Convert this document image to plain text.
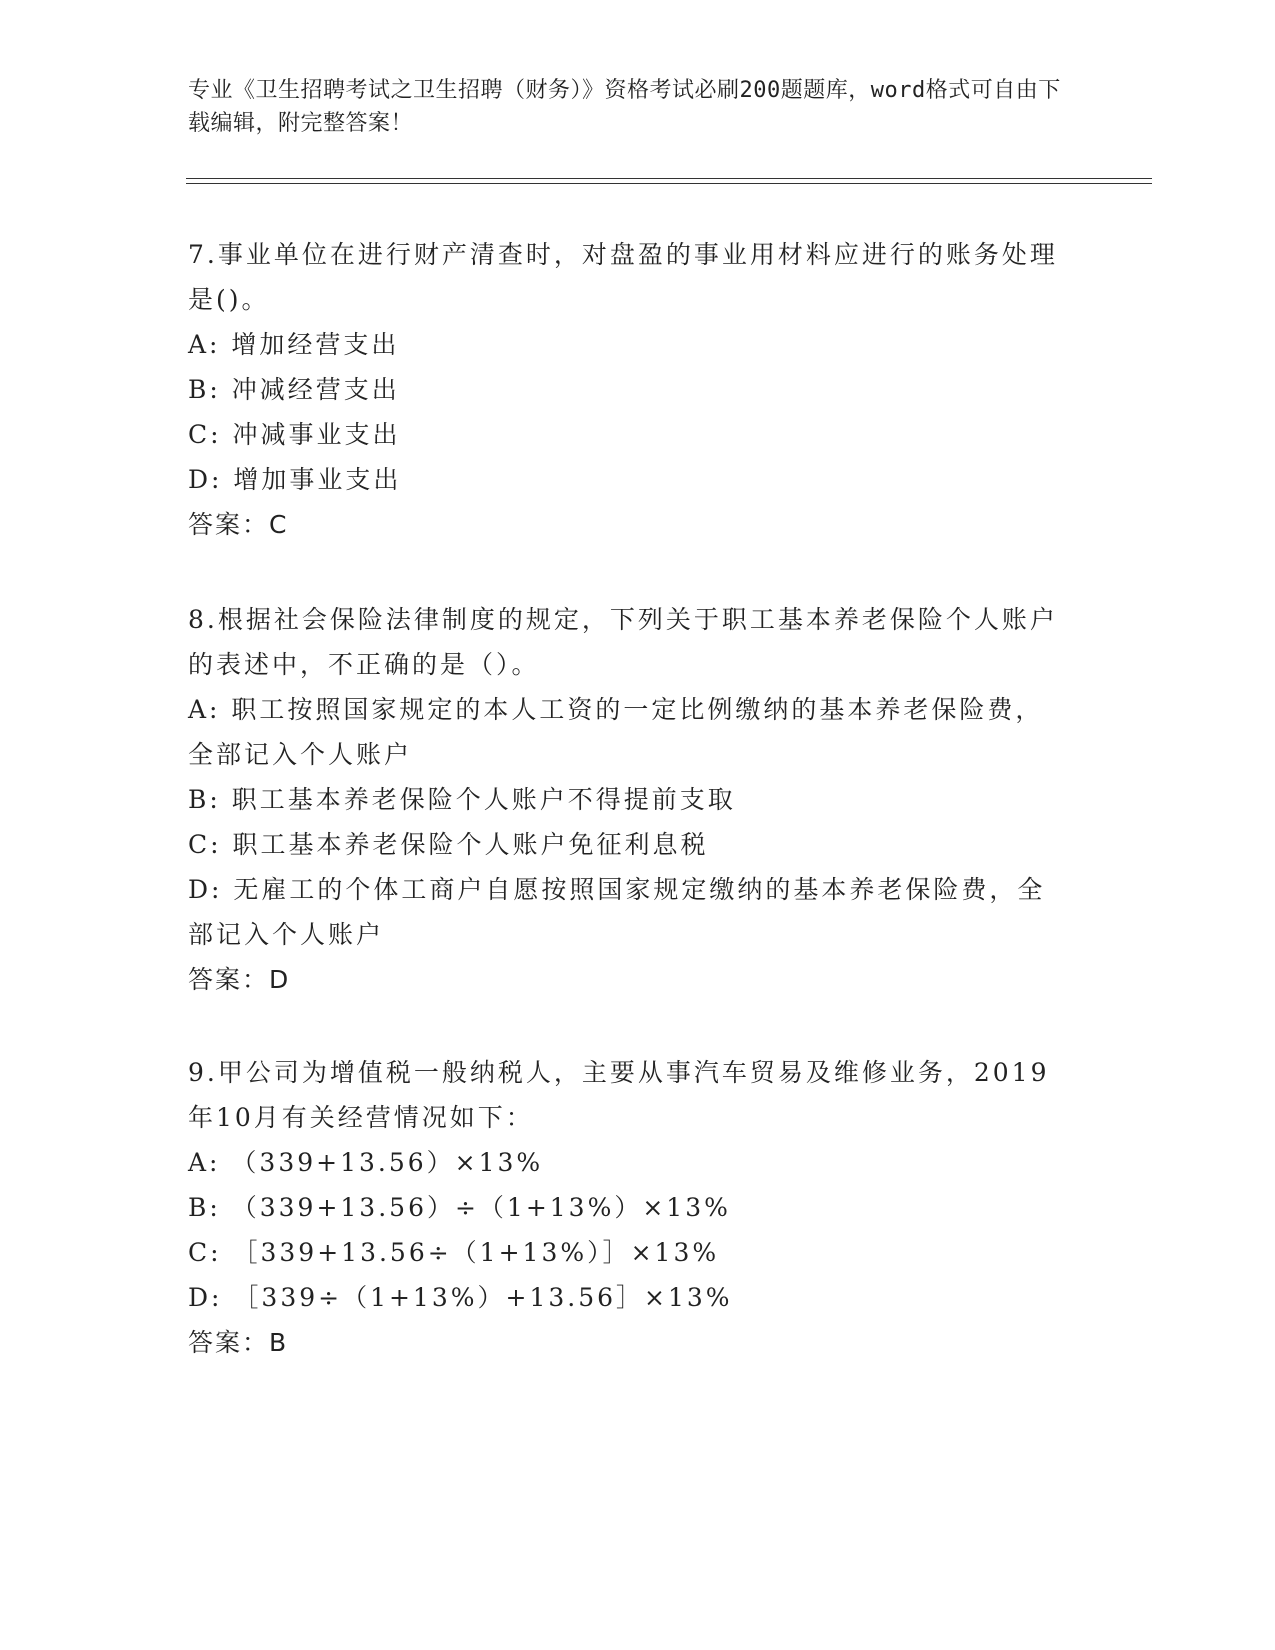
专业《卫生招聘考试之卫生招聘（财务）》资格考试必刷200题题库，word格式可自由下载编辑，附完整答案！

7.事业单位在进行财产清查时，对盘盈的事业用材料应进行的账务处理是()。

A: 增加经营支出

B: 冲减经营支出

C: 冲减事业支出

D: 增加事业支出

答案：C

8.根据社会保险法律制度的规定，下列关于职工基本养老保险个人账户的表述中，不正确的是（）。

A: 职工按照国家规定的本人工资的一定比例缴纳的基本养老保险费，全部记入个人账户

B: 职工基本养老保险个人账户不得提前支取

C: 职工基本养老保险个人账户免征利息税

D: 无雇工的个体工商户自愿按照国家规定缴纳的基本养老保险费，全部记入个人账户

答案：D

9.甲公司为增值税一般纳税人，主要从事汽车贸易及维修业务，2019年10月有关经营情况如下：

A: （339+13.56）×13%

B: （339+13.56）÷（1+13%）×13%

C: ［339+13.56÷（1+13%）］×13%

D: ［339÷（1+13%）+13.56］×13%

答案：B
